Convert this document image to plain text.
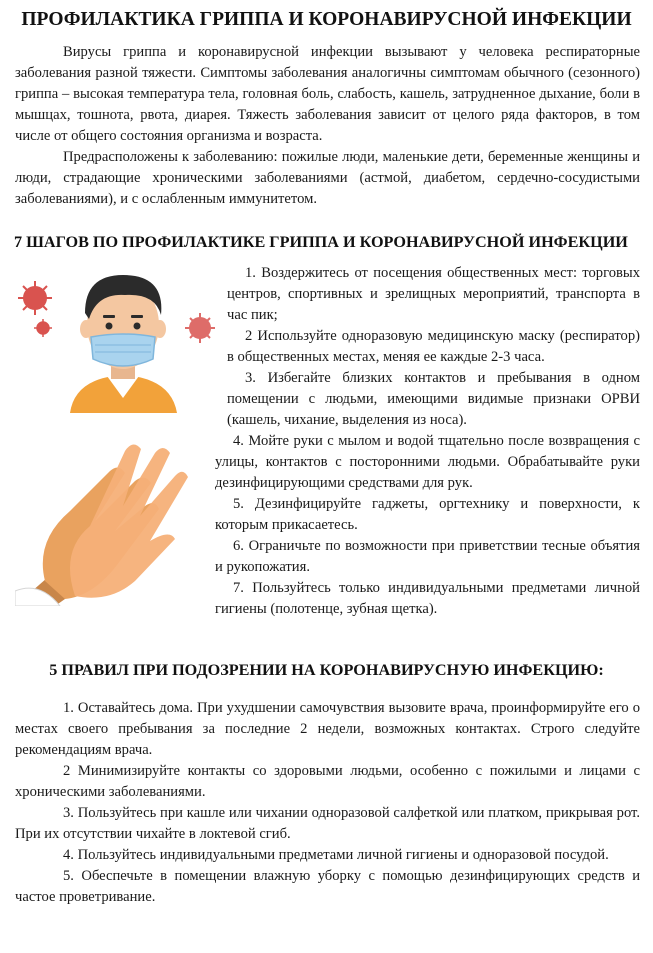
ПРОФИЛАКТИКА ГРИППА И КОРОНАВИРУСНОЙ ИНФЕКЦИИ

Вирусы гриппа и коронавирусной инфекции вызывают у человека респираторные заболевания разной тяжести. Симптомы заболевания аналогичны симптомам обычного (сезонного) гриппа – высокая температура тела, головная боль, слабость, кашель, затрудненное дыхание, боли в мышцах, тошнота, рвота, диарея. Тяжесть заболевания зависит от целого ряда факторов, в том числе от общего состояния организма и возраста.

Предрасположены к заболеванию: пожилые люди, маленькие дети, беременные женщины и люди, страдающие хроническими заболеваниями (астмой, диабетом, сердечно-сосудистыми заболеваниями), и с ослабленным иммунитетом.

7 ШАГОВ ПО ПРОФИЛАКТИКЕ ГРИППА И КОРОНАВИРУСНОЙ ИНФЕКЦИИ

1. Воздержитесь от посещения общественных мест: торговых центров, спортивных и зрелищных мероприятий, транспорта в час пик;

2 Используйте одноразовую медицинскую маску (респиратор) в общественных местах, меняя ее каждые 2-3 часа.

3. Избегайте близких контактов и пребывания в одном помещении с людьми, имеющими видимые признаки ОРВИ (кашель, чихание, выделения из носа).

4. Мойте руки с мылом и водой тщательно после возвращения с улицы, контактов с посторонними людьми. Обрабатывайте руки дезинфицирующими средствами для рук.

5. Дезинфицируйте гаджеты, оргтехнику и поверхности, к которым прикасаетесь.

6. Ограничьте по возможности при приветствии тесные объятия и рукопожатия.

7. Пользуйтесь только индивидуальными предметами личной гигиены (полотенце, зубная щетка).

5 ПРАВИЛ ПРИ ПОДОЗРЕНИИ НА КОРОНАВИРУСНУЮ ИНФЕКЦИЮ:

1. Оставайтесь дома. При ухудшении самочувствия вызовите врача, проинформируйте его о местах своего пребывания за последние 2 недели, возможных контактах. Строго следуйте рекомендациям врача.

2 Минимизируйте контакты со здоровыми людьми, особенно с пожилыми и лицами с хроническими заболеваниями.

3. Пользуйтесь при кашле или чихании одноразовой салфеткой или платком, прикрывая рот. При их отсутствии чихайте в локтевой сгиб.

4. Пользуйтесь индивидуальными предметами личной гигиены и одноразовой посудой.

5. Обеспечьте в помещении влажную уборку с помощью дезинфицирующих средств и частое проветривание.
